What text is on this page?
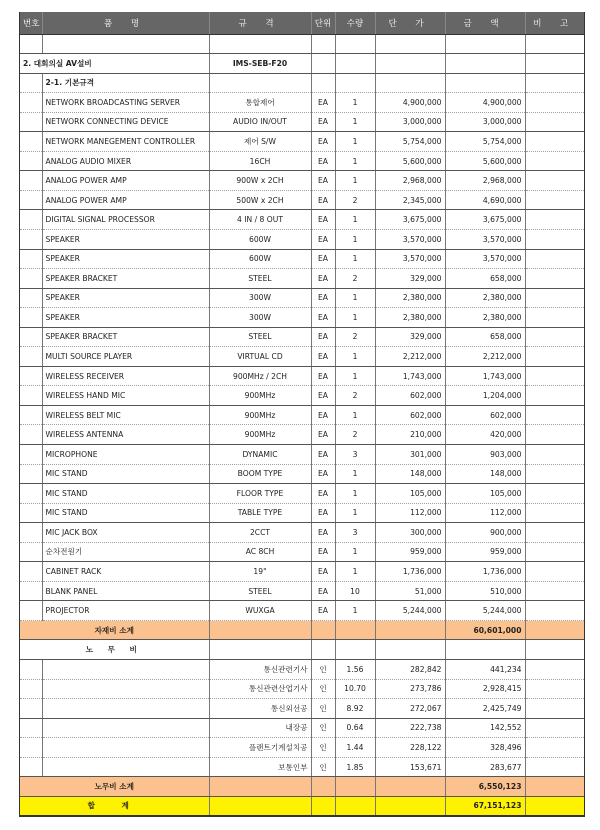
번호	품 명	규 격	단위	수량	단 가	금 액	비 고

2. 대회의실 AV설비		IMS-SEB-F20					
	2-1. 기본규격						
	NETWORK BROADCASTING SERVER	통합제어	EA	1	4,900,000	4,900,000	
	NETWORK CONNECTING DEVICE	AUDIO IN/OUT	EA	1	3,000,000	3,000,000	
	NETWORK MANEGEMENT CONTROLLER	제어 S/W	EA	1	5,754,000	5,754,000	
	ANALOG AUDIO MIXER	16CH	EA	1	5,600,000	5,600,000	
	ANALOG POWER AMP	900W x 2CH	EA	1	2,968,000	2,968,000	
	ANALOG POWER AMP	500W x 2CH	EA	2	2,345,000	4,690,000	
	DIGITAL SIGNAL PROCESSOR	4 IN / 8 OUT	EA	1	3,675,000	3,675,000	
	SPEAKER	600W	EA	1	3,570,000	3,570,000	
	SPEAKER	600W	EA	1	3,570,000	3,570,000	
	SPEAKER BRACKET	STEEL	EA	2	329,000	658,000	
	SPEAKER	300W	EA	1	2,380,000	2,380,000	
	SPEAKER	300W	EA	1	2,380,000	2,380,000	
	SPEAKER BRACKET	STEEL	EA	2	329,000	658,000	
	MULTI SOURCE PLAYER	VIRTUAL CD	EA	1	2,212,000	2,212,000	
	WIRELESS RECEIVER	900MHz / 2CH	EA	1	1,743,000	1,743,000	
	WIRELESS HAND MIC	900MHz	EA	2	602,000	1,204,000	
	WIRELESS BELT MIC	900MHz	EA	1	602,000	602,000	
	WIRELESS ANTENNA	900MHz	EA	2	210,000	420,000	
	MICROPHONE	DYNAMIC	EA	3	301,000	903,000	
	MIC STAND	BOOM TYPE	EA	1	148,000	148,000	
	MIC STAND	FLOOR TYPE	EA	1	105,000	105,000	
	MIC STAND	TABLE TYPE	EA	1	112,000	112,000	
	MIC JACK BOX	2CCT	EA	3	300,000	900,000	
	순차전원기	AC 8CH	EA	1	959,000	959,000	
	CABINET RACK	19"	EA	1	1,736,000	1,736,000	
	BLANK PANEL	STEEL	EA	10	51,000	510,000	
	PROJECTOR	WUXGA	EA	1	5,244,000	5,244,000	
자재비 소계						60,601,000	
노 무 비							
		통신관련기사	인	1.56	282,842	441,234	
		통신관련산업기사	인	10.70	273,786	2,928,415	
		통신외선공	인	8.92	272,067	2,425,749	
		내장공	인	0.64	222,738	142,552	
		플랜트기계설치공	인	1.44	228,122	328,496	
		보통인부	인	1.85	153,671	283,677	
노무비 소계						6,550,123	
합 계						67,151,123	
